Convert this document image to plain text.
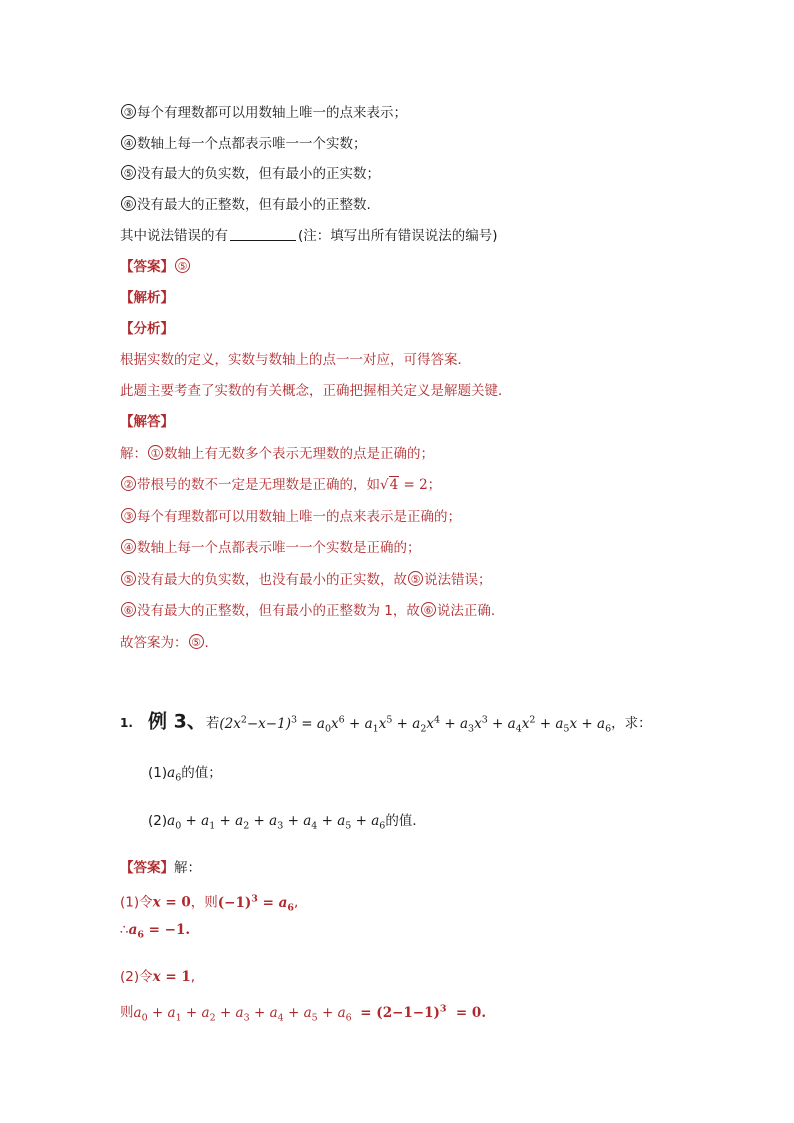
③ 每个有理数都可以用数轴上唯一的点来表示；
④ 数轴上每一个点都表示唯一一个实数；
⑤ 没有最大的负实数，但有最小的正实数；
⑥ 没有最大的正整数，但有最小的正整数.
其中说法错误的有	(注：填写出所有错误说法的编号)
【答案】 ⑤
【解析】
【分析】
根据实数的定义，实数与数轴上的点一一对应，可得答案．
此题主要考查了实数的有关概念，正确把握相关定义是解题关键．
【解答】
解： ① 数轴上有无数多个表示无理数的点是正确的；
② 带根号的数不一定是无理数是正确的，如√4 = 2；
③ 每个有理数都可以用数轴上唯一的点来表示是正确的；
④ 数轴上每一个点都表示唯一一个实数是正确的；
⑤ 没有最大的负实数，也没有最小的正实数，故 ⑤ 说法错误；
⑥ 没有最大的正整数，但有最小的正整数为 1，故 ⑥ 说法正确．
故答案为： ⑤ .
1. 例 3、若$(2x^2-x-1)^3 = a_0x^6 + a_1x^5 + a_2x^4 + a_3x^3 + a_4x^2 + a_5x + a_6$，求：
$(1)a_6$的值；
$(2)a_0 + a_1 + a_2 + a_3 + a_4 + a_5 + a_6$的值．
【答案】解：
(1)令x = 0，则$(-1)^3 = a_6$,
$\therefore a_6 = -1$.
(2)令x = 1,
则$a_0 + a_1 + a_2 + a_3 + a_4 + a_5 + a_6 = (2-1-1)^3 = 0$.
